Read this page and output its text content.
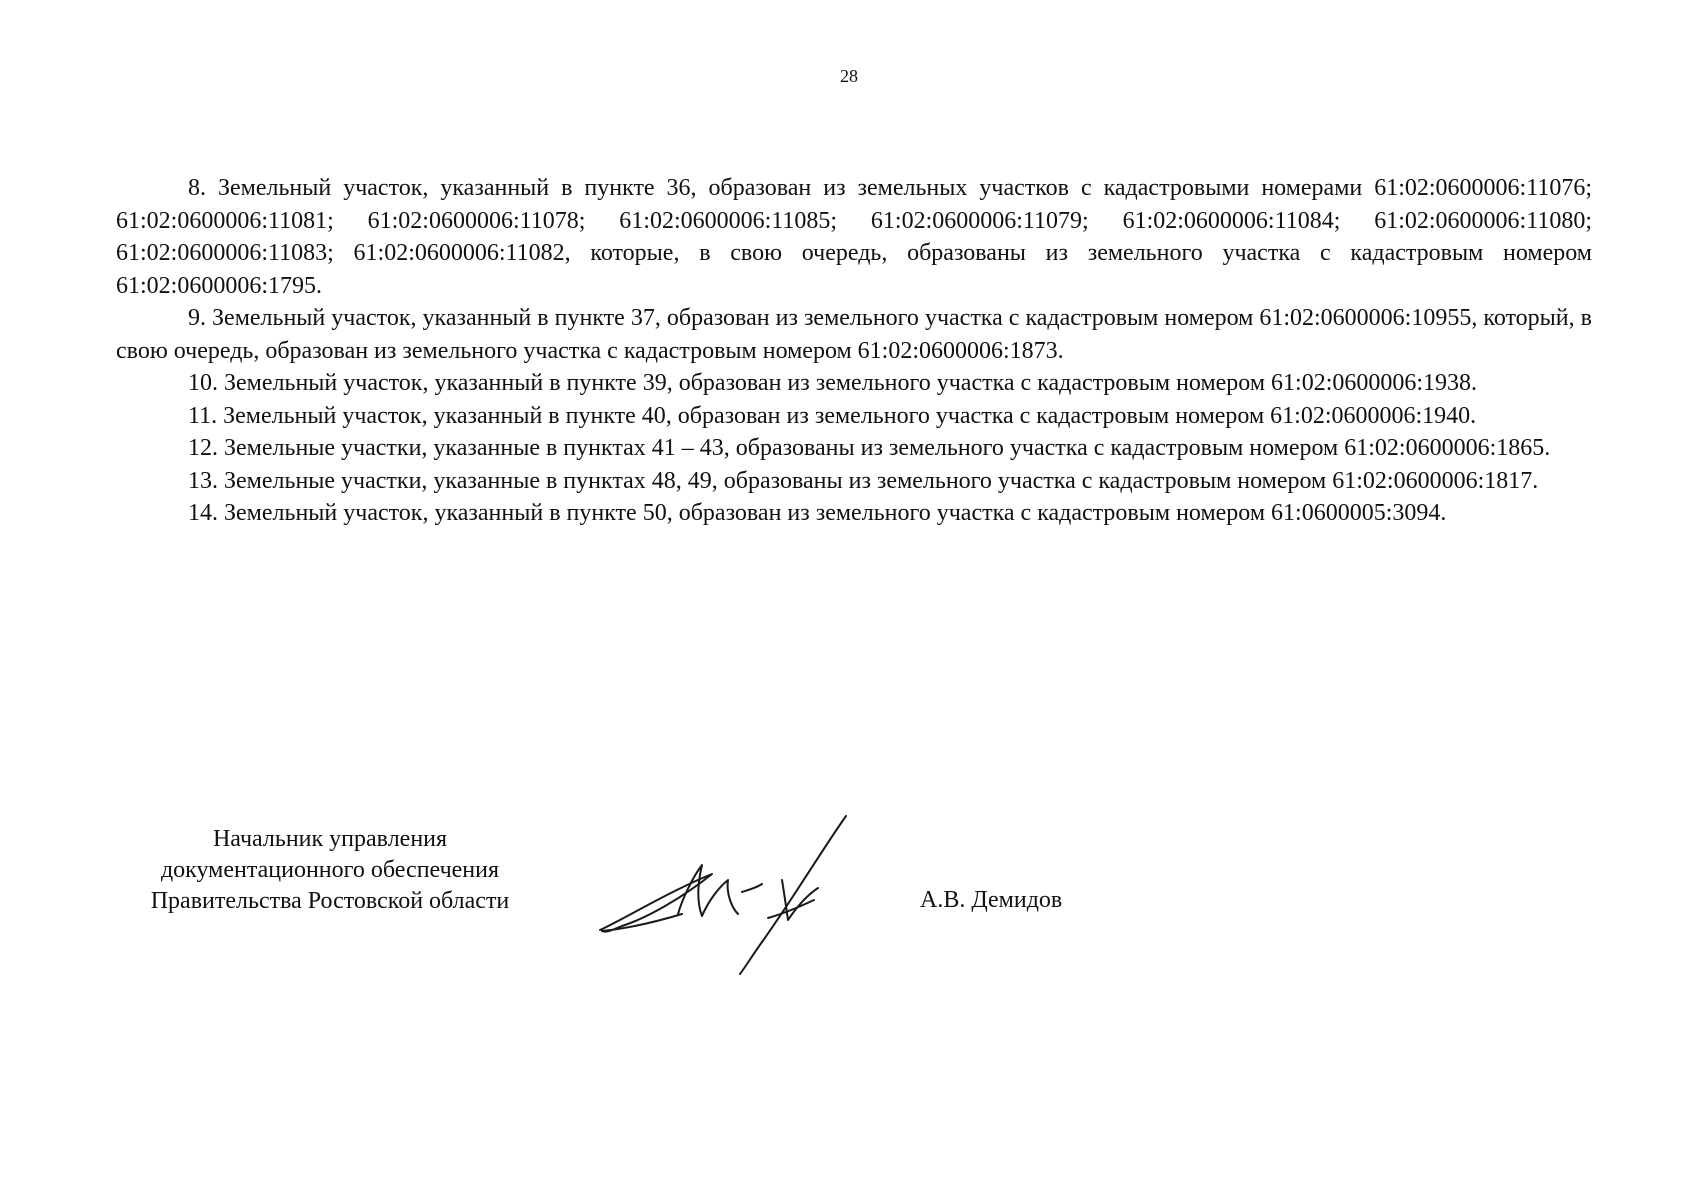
28

8. Земельный участок, указанный в пункте 36, образован из земельных участков с кадастровыми номерами 61:02:0600006:11076; 61:02:0600006:11081; 61:02:0600006:11078; 61:02:0600006:11085; 61:02:0600006:11079; 61:02:0600006:11084; 61:02:0600006:11080; 61:02:0600006:11083; 61:02:0600006:11082, которые, в свою очередь, образованы из земельного участка с кадастровым номером 61:02:0600006:1795.

9. Земельный участок, указанный в пункте 37, образован из земельного участка с кадастровым номером 61:02:0600006:10955, который, в свою очередь, образован из земельного участка с кадастровым номером 61:02:0600006:1873.

10. Земельный участок, указанный в пункте 39, образован из земельного участка с кадастровым номером 61:02:0600006:1938.

11. Земельный участок, указанный в пункте 40, образован из земельного участка с кадастровым номером 61:02:0600006:1940.

12. Земельные участки, указанные в пунктах 41 – 43, образованы из земельного участка с кадастровым номером 61:02:0600006:1865.

13. Земельные участки, указанные в пунктах 48, 49, образованы из земельного участка с кадастровым номером 61:02:0600006:1817.

14. Земельный участок, указанный в пункте 50, образован из земельного участка с кадастровым номером 61:0600005:3094.

Начальник управления
документационного обеспечения
Правительства Ростовской области	А.В. Демидов
